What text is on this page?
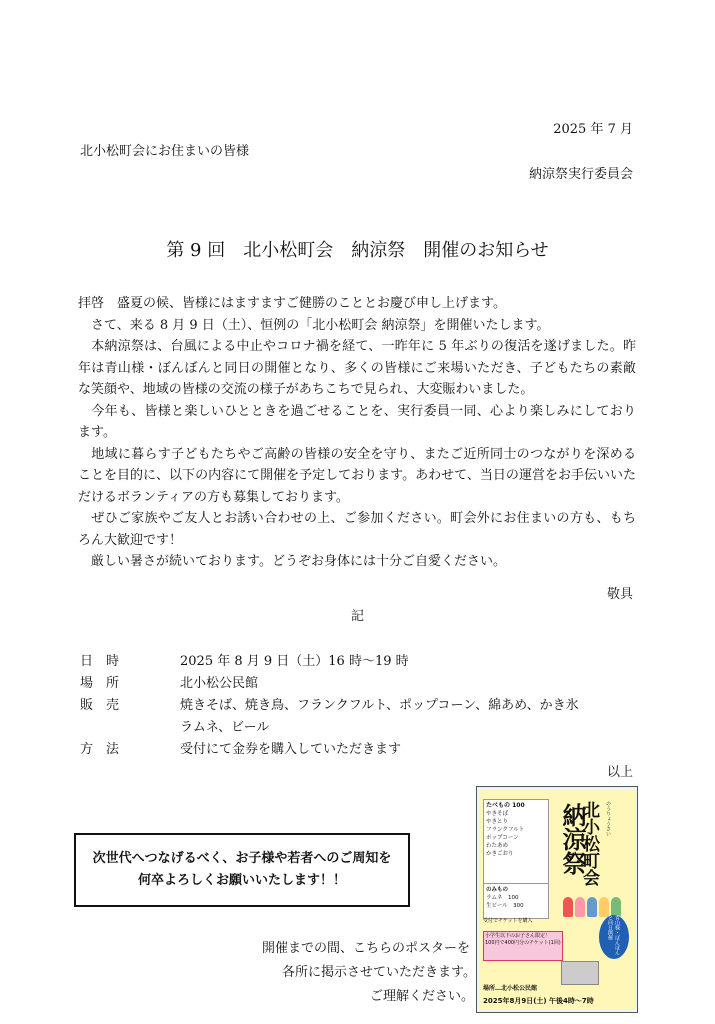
2025 年 7 月
北小松町会にお住まいの皆様
納涼祭実行委員会
第 9 回　北小松町会　納涼祭　開催のお知らせ

拝啓　盛夏の候、皆様にはますますご健勝のこととお慶び申し上げます。

　さて、来る 8 月 9 日（土）、恒例の「北小松町会 納涼祭」を開催いたします。

　本納涼祭は、台風による中止やコロナ禍を経て、一昨年に 5 年ぶりの復活を遂げました。昨年は青山様・ぼんぼんと同日の開催となり、多くの皆様にご来場いただき、子どもたちの素敵な笑顔や、地域の皆様の交流の様子があちこちで見られ、大変賑わいました。

　今年も、皆様と楽しいひとときを過ごせることを、実行委員一同、心より楽しみにしております。

　地域に暮らす子どもたちやご高齢の皆様の安全を守り、またご近所同士のつながりを深めることを目的に、以下の内容にて開催を予定しております。あわせて、当日の運営をお手伝いいただけるボランティアの方も募集しております。

　ぜひご家族やご友人とお誘い合わせの上、ご参加ください。町会外にお住まいの方も、もちろん大歓迎です！

　厳しい暑さが続いております。どうぞお身体には十分ご自愛ください。

敬具
記
日　時	2025 年 8 月 9 日（土）16 時～19 時
場　所	北小松公民館
販　売	焼きそば、焼き鳥、フランクフルト、ポップコーン、綿あめ、かき氷
ラムネ、ビール
方　法	受付にて金券を購入していただきます
以上
次世代へつなげるべく、お子様や若者へのご周知を
何卒よろしくお願いいたします！！
開催までの間、こちらのポスターを
各所に掲示させていただきます。
ご理解ください。
たべもの 100
やきそば
やきとり
フランクフルト
ポップコーン
わたあめ
かきごおり
のみもの
ラムネ　100
生ビール　300
受付でチケットを購入
北小松町会
納涼祭	のうりょうさい
青山様・ぼんぼんと同日開催
小学生以下のお子さん限定！
100円で400円分のチケット(1回)
場所…北小松公民館
2025年8月9日(土) 午後4時～7時
